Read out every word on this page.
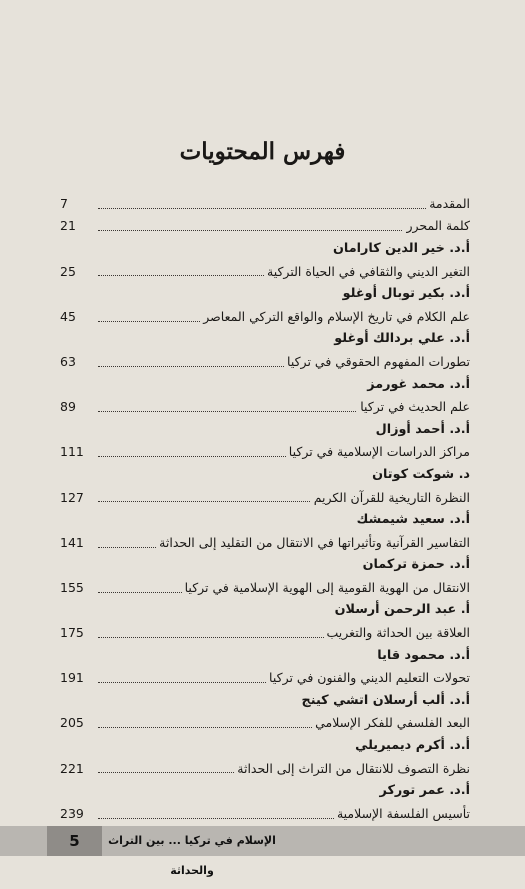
فهرس المحتويات
المقدمة
7
كلمة المحرر
21
أ.د. خير الدين كارامان
التغير الديني والثقافي في الحياة التركية
25
أ.د. بكير توبال أوغلو
علم الكلام في تاريخ الإسلام والواقع التركي المعاصر
45
أ.د. علي بردالك أوغلو
تطورات المفهوم الحقوقي في تركيا
63
أ.د. محمد غورمز
علم الحديث في تركيا
89
أ.د. أحمد أوزال
مراكز الدراسات الإسلامية في تركيا
111
د. شوكت كوتان
النظرة التاريخية للقرآن الكريم
127
أ.د. سعيد شيمشك
التفاسير القرآنية وتأثيراتها في الانتقال من التقليد إلى الحداثة
141
أ.د. حمزة تركمان
الانتقال من الهوية القومية إلى الهوية الإسلامية في تركيا
155
أ. عبد الرحمن أرسلان
العلاقة بين الحداثة والتغريب
175
أ.د. محمود قايا
تحولات التعليم الديني والفنون في تركيا
191
أ.د. ألب أرسلان اتشي كينج
البعد الفلسفي للفكر الإسلامي
205
أ.د. أكرم ديميريلي
نظرة التصوف للانتقال من التراث إلى الحداثة
221
أ.د. عمر توركر
تأسيس الفلسفة الإسلامية
239
5	الإسلام في تركيا ... بين التراث والحداثة
